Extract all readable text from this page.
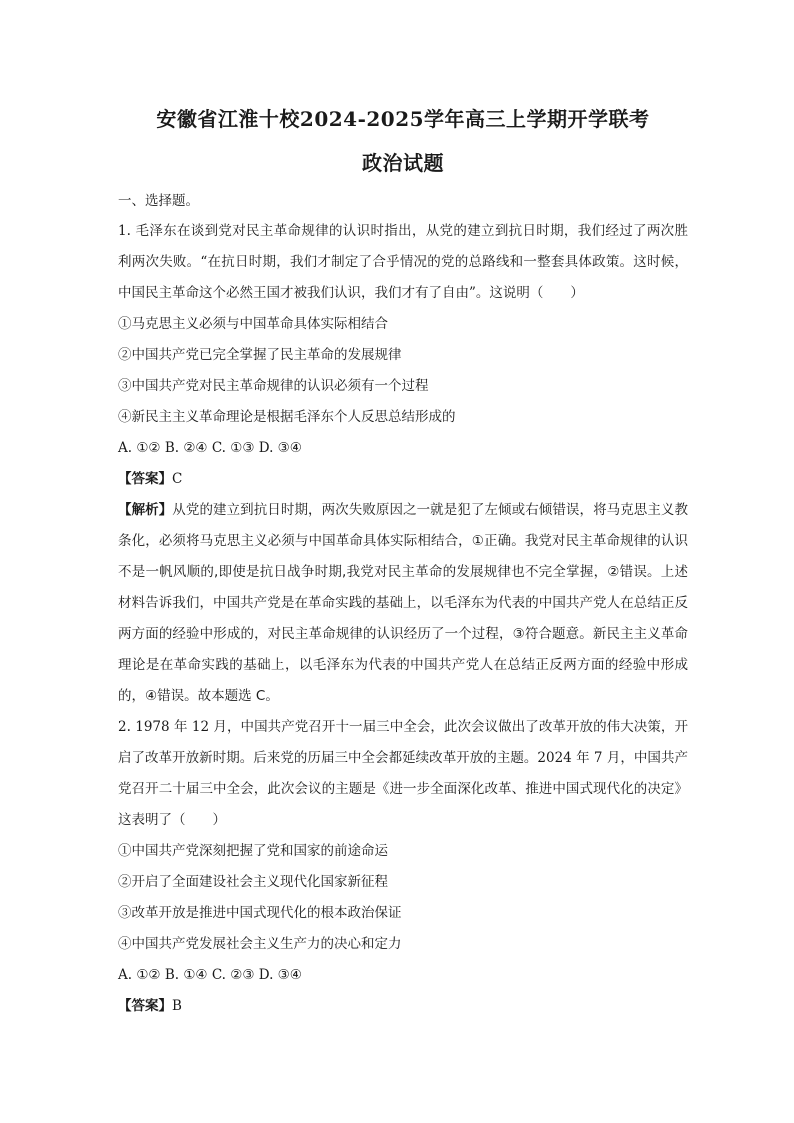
安徽省江淮十校2024-2025学年高三上学期开学联考
政治试题
一、选择题。

1. 毛泽东在谈到党对民主革命规律的认识时指出，从党的建立到抗日时期，我们经过了两次胜利两次失败。“在抗日时期，我们才制定了合乎情况的党的总路线和一整套具体政策。这时候，中国民主革命这个必然王国才被我们认识，我们才有了自由”。这说明（　　）

①马克思主义必须与中国革命具体实际相结合

②中国共产党已完全掌握了民主革命的发展规律

③中国共产党对民主革命规律的认识必须有一个过程

④新民主主义革命理论是根据毛泽东个人反思总结形成的

A. ①② B. ②④ C. ①③ D. ③④

【答案】C

【解析】从党的建立到抗日时期，两次失败原因之一就是犯了左倾或右倾错误，将马克思主义教条化，必须将马克思主义必须与中国革命具体实际相结合，①正确。我党对民主革命规律的认识不是一帆风顺的,即使是抗日战争时期,我党对民主革命的发展规律也不完全掌握，②错误。上述材料告诉我们，中国共产党是在革命实践的基础上，以毛泽东为代表的中国共产党人在总结正反两方面的经验中形成的，对民主革命规律的认识经历了一个过程，③符合题意。新民主主义革命理论是在革命实践的基础上，以毛泽东为代表的中国共产党人在总结正反两方面的经验中形成的，④错误。故本题选 C。

2. 1978 年 12 月，中国共产党召开十一届三中全会，此次会议做出了改革开放的伟大决策，开启了改革开放新时期。后来党的历届三中全会都延续改革开放的主题。2024 年 7 月，中国共产党召开二十届三中全会，此次会议的主题是《进一步全面深化改革、推进中国式现代化的决定》 这表明了（　　）

①中国共产党深刻把握了党和国家的前途命运

②开启了全面建设社会主义现代化国家新征程

③改革开放是推进中国式现代化的根本政治保证

④中国共产党发展社会主义生产力的决心和定力

A. ①② B. ①④ C. ②③ D. ③④

【答案】B
